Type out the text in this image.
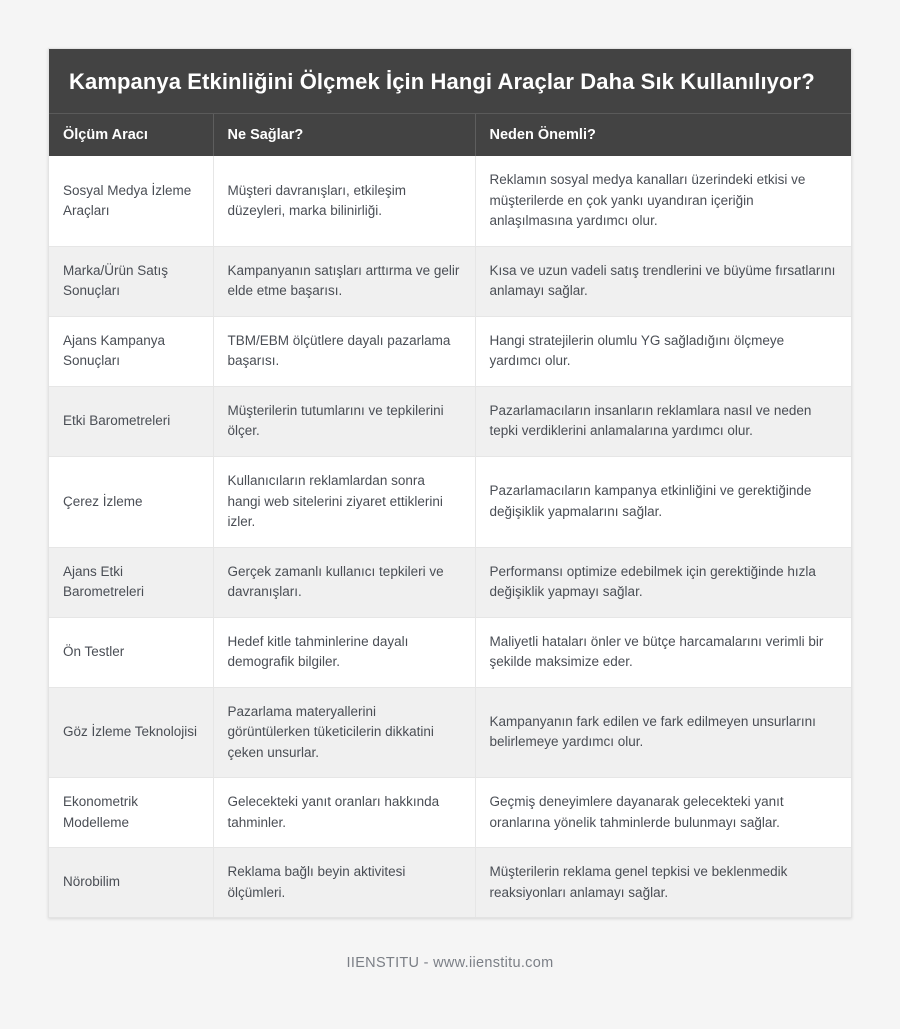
Kampanya Etkinliğini Ölçmek İçin Hangi Araçlar Daha Sık Kullanılıyor?
Ölçüm Aracı	Ne Sağlar?	Neden Önemli?
Sosyal Medya İzleme Araçları	Müşteri davranışları, etkileşim düzeyleri, marka bilinirliği.	Reklamın sosyal medya kanalları üzerindeki etkisi ve müşterilerde en çok yankı uyandıran içeriğin anlaşılmasına yardımcı olur.
Marka/Ürün Satış Sonuçları	Kampanyanın satışları arttırma ve gelir elde etme başarısı.	Kısa ve uzun vadeli satış trendlerini ve büyüme fırsatlarını anlamayı sağlar.
Ajans Kampanya Sonuçları	TBM/EBM ölçütlere dayalı pazarlama başarısı.	Hangi stratejilerin olumlu YG sağladığını ölçmeye yardımcı olur.
Etki Barometreleri	Müşterilerin tutumlarını ve tepkilerini ölçer.	Pazarlamacıların insanların reklamlara nasıl ve neden tepki verdiklerini anlamalarına yardımcı olur.
Çerez İzleme	Kullanıcıların reklamlardan sonra hangi web sitelerini ziyaret ettiklerini izler.	Pazarlamacıların kampanya etkinliğini ve gerektiğinde değişiklik yapmalarını sağlar.
Ajans Etki Barometreleri	Gerçek zamanlı kullanıcı tepkileri ve davranışları.	Performansı optimize edebilmek için gerektiğinde hızla değişiklik yapmayı sağlar.
Ön Testler	Hedef kitle tahminlerine dayalı demografik bilgiler.	Maliyetli hataları önler ve bütçe harcamalarını verimli bir şekilde maksimize eder.
Göz İzleme Teknolojisi	Pazarlama materyallerini görüntülerken tüketicilerin dikkatini çeken unsurlar.	Kampanyanın fark edilen ve fark edilmeyen unsurlarını belirlemeye yardımcı olur.
Ekonometrik Modelleme	Gelecekteki yanıt oranları hakkında tahminler.	Geçmiş deneyimlere dayanarak gelecekteki yanıt oranlarına yönelik tahminlerde bulunmayı sağlar.
Nörobilim	Reklama bağlı beyin aktivitesi ölçümleri.	Müşterilerin reklama genel tepkisi ve beklenmedik reaksiyonları anlamayı sağlar.
IIENSTITU - www.iienstitu.com
